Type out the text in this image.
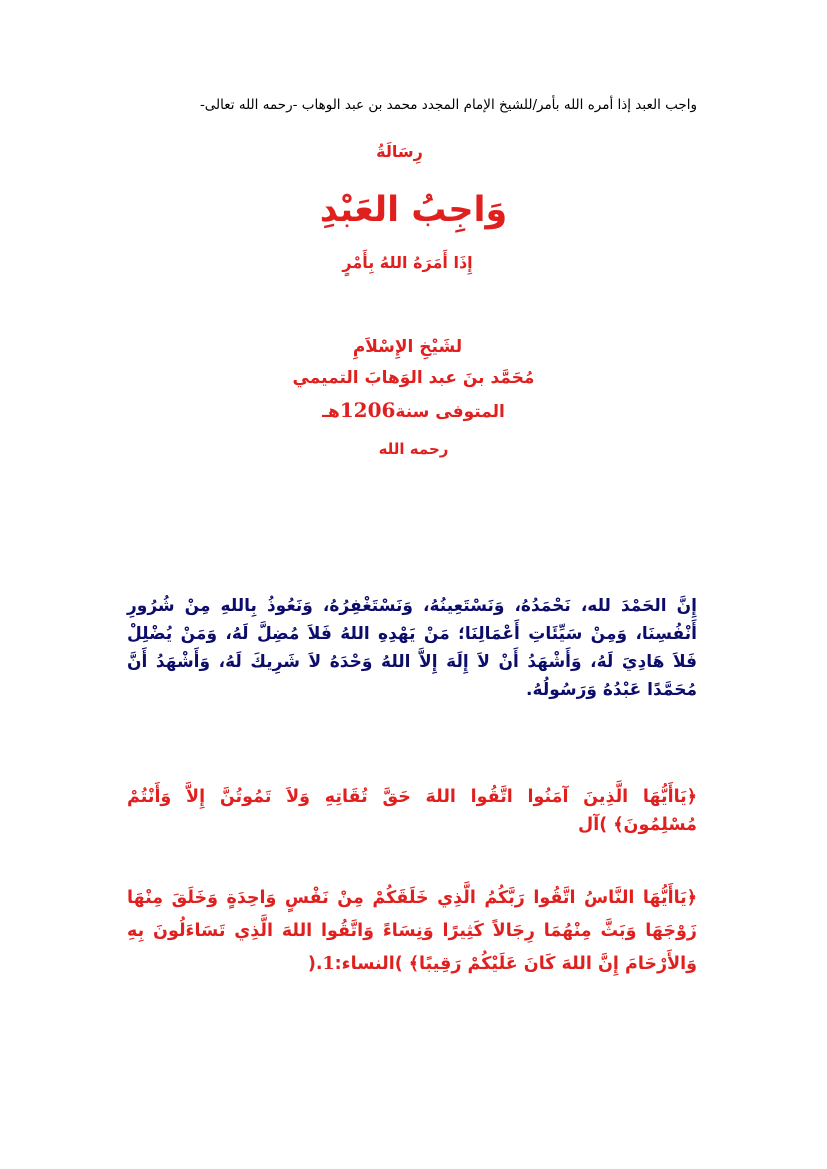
واجب العبد إذا أمره الله بأمر/للشيخ الإمام المجدد محمد بن عبد الوهاب -رحمه الله تعالى-
رِسَالَةُ
وَاجِبُ العَبْدِ
إِذَا أَمَرَهُ اللهُ بِأَمْرٍ
لشَيْخِ الإِسْلاَمِ
مُحَمَّد بنَ عبد الوَهابَ التميمي
المتوفى سنة1206هـ
رحمه الله

إِنَّ الحَمْدَ لله، نَحْمَدُهُ، وَنَسْتَعِينُهُ، وَنَسْتَغْفِرُهُ، وَنَعُوذُ بِاللهِ مِنْ شُرُورِ أَنْفُسِنَا، وَمِنْ سَيِّئَاتِ أَعْمَالِنَا؛ مَنْ يَهْدِهِ اللهُ فَلاَ مُضِلَّ لَهُ، وَمَنْ يُضْلِلْ فَلاَ هَادِيَ لَهُ، وَأَشْهَدُ أَنْ لاَ إِلَهَ إِلاَّ اللهُ وَحْدَهُ لاَ شَرِيكَ لَهُ، وَأَشْهَدُ أَنَّ مُحَمَّدًا عَبْدُهُ وَرَسُولُهُ.

﴿يَاأَيُّهَا الَّذِينَ آمَنُوا اتَّقُوا اللهَ حَقَّ تُقَاتِهِ وَلاَ تَمُوتُنَّ إِلاَّ وَأَنْتُمْ مُسْلِمُونَ﴾ )آل

﴿يَاأَيُّهَا النَّاسُ اتَّقُوا رَبَّكُمُ الَّذِي خَلَقَكُمْ مِنْ نَفْسٍ وَاحِدَةٍ وَخَلَقَ مِنْهَا زَوْجَهَا وَبَثَّ مِنْهُمَا رِجَالاً كَثِيرًا وَنِسَاءً وَاتَّقُوا اللهَ الَّذِي تَسَاءَلُونَ بِهِ وَالأَرْحَامَ إِنَّ اللهَ كَانَ عَلَيْكُمْ رَقِيبًا﴾ )النساء:1.(
